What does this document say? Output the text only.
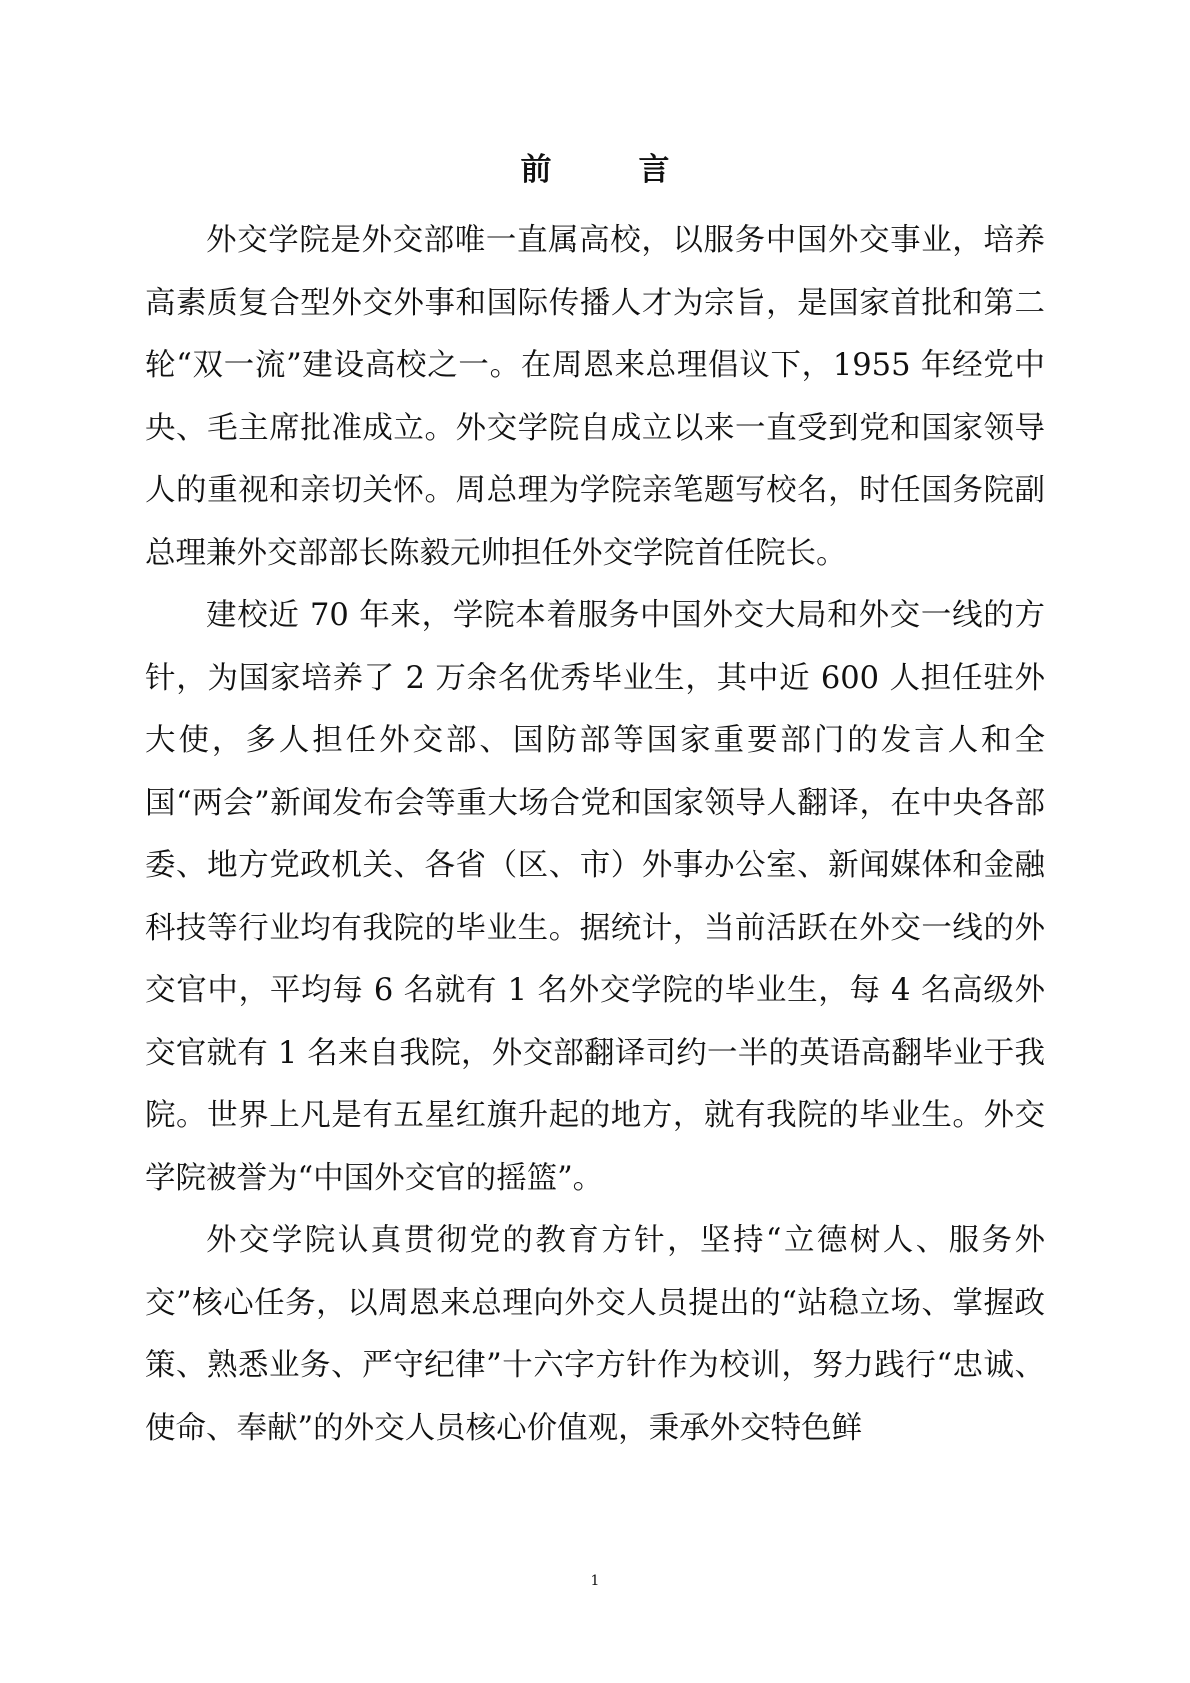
前　言

外交学院是外交部唯一直属高校，以服务中国外交事业，培养高素质复合型外交外事和国际传播人才为宗旨，是国家首批和第二轮“双一流”建设高校之一。在周恩来总理倡议下，1955 年经党中央、毛主席批准成立。外交学院自成立以来一直受到党和国家领导人的重视和亲切关怀。周总理为学院亲笔题写校名，时任国务院副总理兼外交部部长陈毅元帅担任外交学院首任院长。

建校近 70 年来，学院本着服务中国外交大局和外交一线的方针，为国家培养了 2 万余名优秀毕业生，其中近 600 人担任驻外大使，多人担任外交部、国防部等国家重要部门的发言人和全国“两会”新闻发布会等重大场合党和国家领导人翻译，在中央各部委、地方党政机关、各省（区、市）外事办公室、新闻媒体和金融科技等行业均有我院的毕业生。据统计，当前活跃在外交一线的外交官中，平均每 6 名就有 1 名外交学院的毕业生，每 4 名高级外交官就有 1 名来自我院，外交部翻译司约一半的英语高翻毕业于我院。世界上凡是有五星红旗升起的地方，就有我院的毕业生。外交学院被誉为“中国外交官的摇篮”。

外交学院认真贯彻党的教育方针，坚持“立德树人、服务外交”核心任务，以周恩来总理向外交人员提出的“站稳立场、掌握政策、熟悉业务、严守纪律”十六字方针作为校训，努力践行“忠诚、使命、奉献”的外交人员核心价值观，秉承外交特色鲜

1
